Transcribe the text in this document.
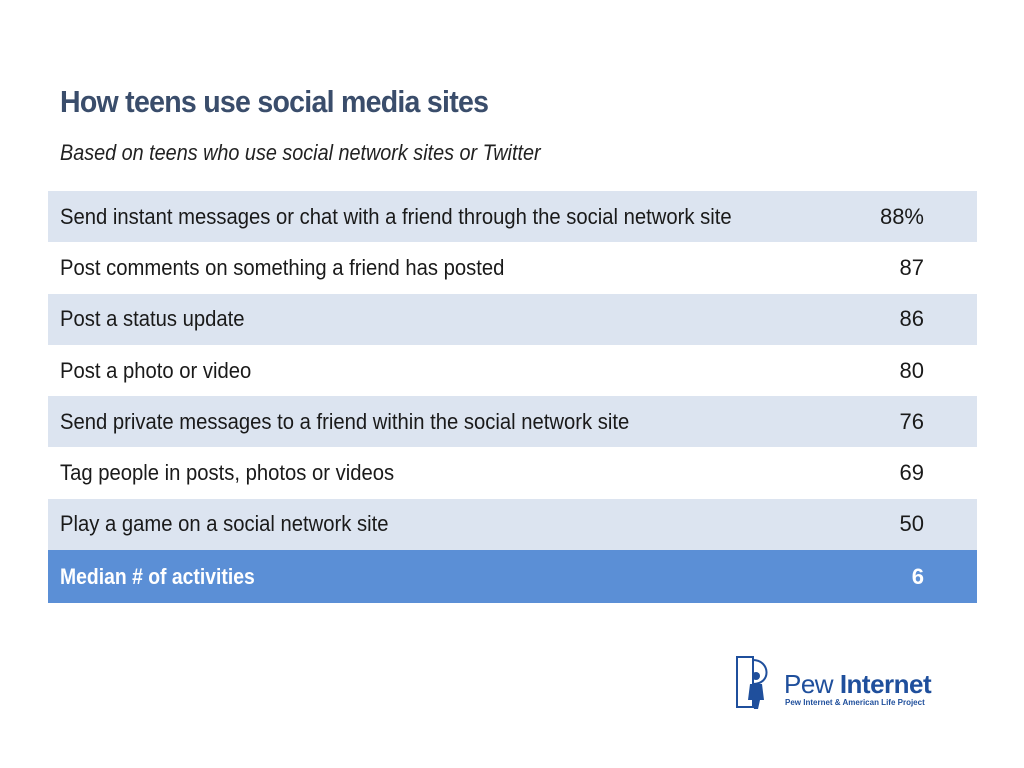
How teens use social media sites
Based on teens who use social network sites or Twitter
Send instant messages or chat with a friend through the social network site	88%
Post comments on something a friend has posted	87
Post a status update	86
Post a photo or video	80
Send private messages to a friend within the social network site	76
Tag people in posts, photos or videos	69
Play a game on a social network site	50
Median # of activities	6
Pew Internet
Pew Internet & American Life Project
